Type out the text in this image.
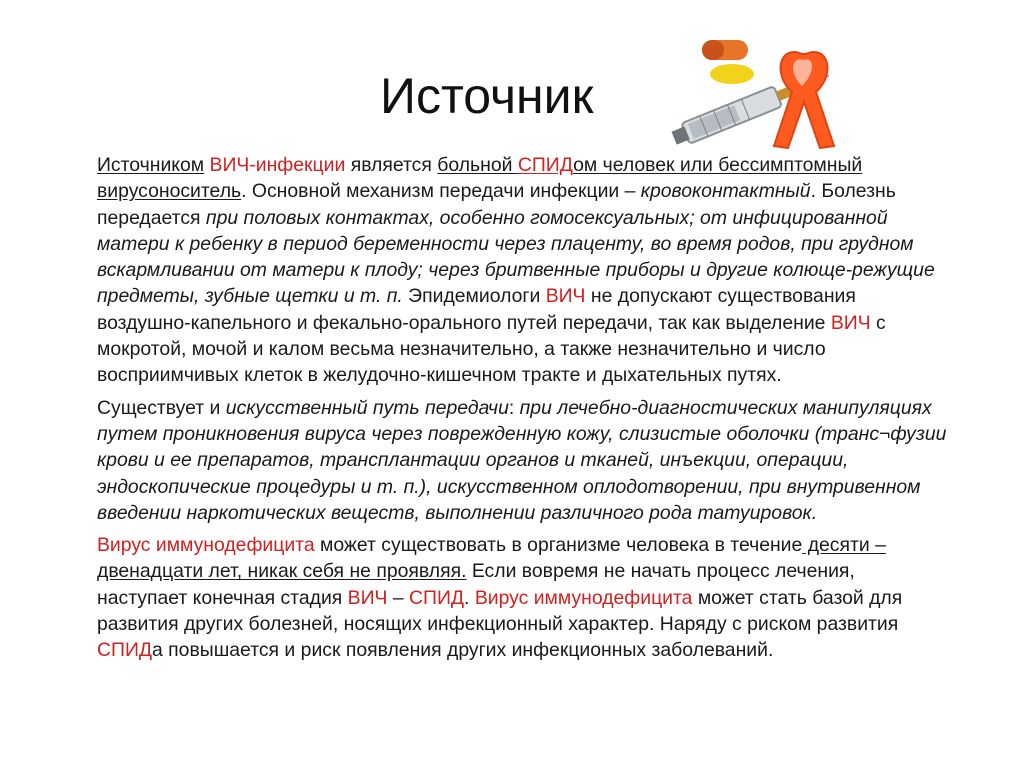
Источник

Источником ВИЧ-инфекции является больной СПИДом человек или бессимптомный вирусоноситель. Основной механизм передачи инфекции – кровоконтактный. Болезнь передается при половых контактах, особенно гомосексуальных; от инфицированной матери к ребенку в период беременности через плаценту, во время родов, при грудном вскармливании от матери к плоду; через бритвенные приборы и другие колюще-режущие предметы, зубные щетки и т. п. Эпидемиологи ВИЧ не допускают существования воздушно-капельного и фекально-орального путей передачи, так как выделение ВИЧ с мокротой, мочой и калом весьма незначительно, а также незначительно и число восприимчивых клеток в желудочно-кишечном тракте и дыхательных путях.

Существует и искусственный путь передачи: при лечебно-диагностических манипуляциях путем проникновения вируса через поврежденную кожу, слизистые оболочки (транс¬фузии крови и ее препаратов, трансплантации органов и тканей, инъекции, операции, эндоскопические процедуры и т. п.), искусственном оплодотворении, при внутривенном введении наркотических веществ, выполнении различного рода татуировок.

Вирус иммунодефицита может существовать в организме человека в течение десяти – двенадцати лет, никак себя не проявляя. Если вовремя не начать процесс лечения, наступает конечная стадия ВИЧ – СПИД. Вирус иммунодефицита может стать базой для развития других болезней, носящих инфекционный характер. Наряду с риском развития СПИДа повышается и риск появления других инфекционных заболеваний.
